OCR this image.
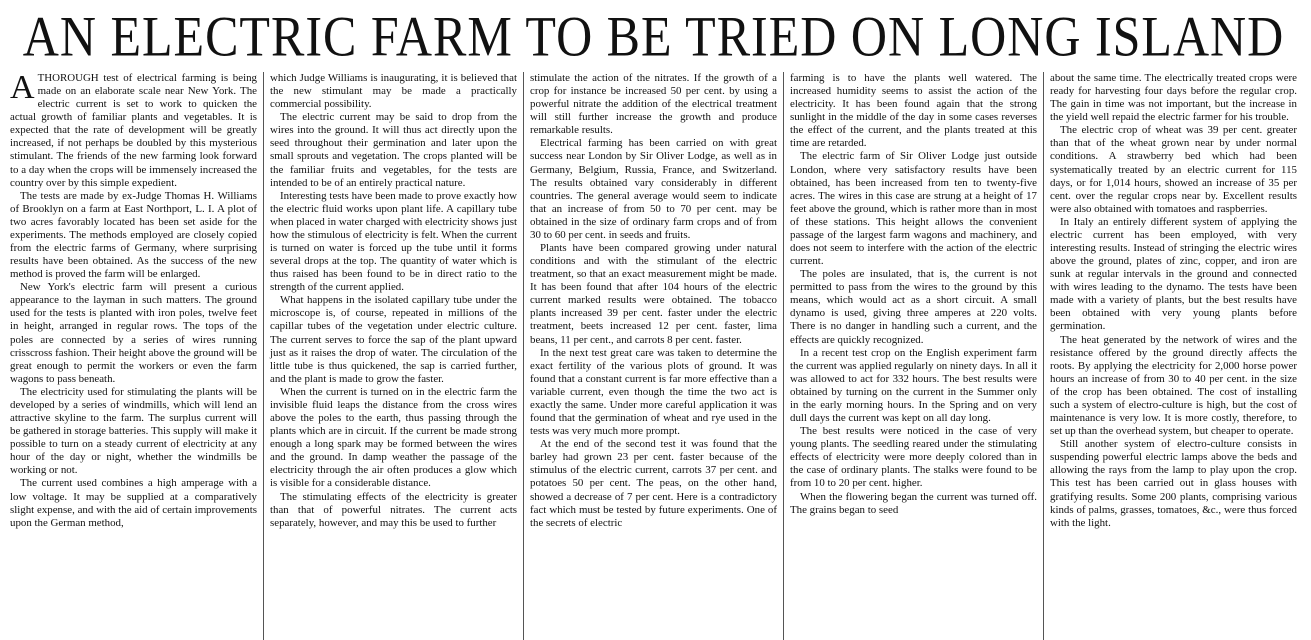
AN ELECTRIC FARM TO BE TRIED ON LONG ISLAND

A THOROUGH test of electrical farming is being made on an elaborate scale near New York. The electric current is set to work to quicken the actual growth of familiar plants and vegetables. It is expected that the rate of development will be greatly increased, if not perhaps be doubled by this mysterious stimulant. The friends of the new farming look forward to a day when the crops will be immensely increased the country over by this simple expedient.

The tests are made by ex-Judge Thomas H. Williams of Brooklyn on a farm at East Northport, L. I. A plot of two acres favorably located has been set aside for the experiments. The methods employed are closely copied from the electric farms of Germany, where surprising results have been obtained. As the success of the new method is proved the farm will be enlarged.

New York's electric farm will present a curious appearance to the layman in such matters. The ground used for the tests is planted with iron poles, twelve feet in height, arranged in regular rows. The tops of the poles are connected by a series of wires running crisscross fashion. Their height above the ground will be great enough to permit the workers or even the farm wagons to pass beneath.

The electricity used for stimulating the plants will be developed by a series of windmills, which will lend an attractive skyline to the farm. The surplus current will be gathered in storage batteries. This supply will make it possible to turn on a steady current of electricity at any hour of the day or night, whether the windmills be working or not.

The current used combines a high amperage with a low voltage. It may be supplied at a comparatively slight expense, and with the aid of certain improvements upon the German method,

which Judge Williams is inaugurating, it is believed that the new stimulant may be made a practically commercial possibility.

The electric current may be said to drop from the wires into the ground. It will thus act directly upon the seed throughout their germination and later upon the small sprouts and vegetation. The crops planted will be the familiar fruits and vegetables, for the tests are intended to be of an entirely practical nature.

Interesting tests have been made to prove exactly how the electric fluid works upon plant life. A capillary tube when placed in water charged with electricity shows just how the stimulous of electricity is felt. When the current is turned on water is forced up the tube until it forms several drops at the top. The quantity of water which is thus raised has been found to be in direct ratio to the strength of the current applied.

What happens in the isolated capillary tube under the microscope is, of course, repeated in millions of the capillar tubes of the vegetation under electric culture. The current serves to force the sap of the plant upward just as it raises the drop of water. The circulation of the little tube is thus quickened, the sap is carried further, and the plant is made to grow the faster.

When the current is turned on in the electric farm the invisible fluid leaps the distance from the cross wires above the poles to the earth, thus passing through the plants which are in circuit. If the current be made strong enough a long spark may be formed between the wires and the ground. In damp weather the passage of the electricity through the air often produces a glow which is visible for a considerable distance.

The stimulating effects of the electricity is greater than that of powerful nitrates. The current acts separately, however, and may this be used to further

stimulate the action of the nitrates. If the growth of a crop for instance be increased 50 per cent. by using a powerful nitrate the addition of the electrical treatment will still further increase the growth and produce remarkable results.

Electrical farming has been carried on with great success near London by Sir Oliver Lodge, as well as in Germany, Belgium, Russia, France, and Switzerland. The results obtained vary considerably in different countries. The general average would seem to indicate that an increase of from 50 to 70 per cent. may be obtained in the size of ordinary farm crops and of from 30 to 60 per cent. in seeds and fruits.

Plants have been compared growing under natural conditions and with the stimulant of the electric treatment, so that an exact measurement might be made. It has been found that after 104 hours of the electric current marked results were obtained. The tobacco plants increased 39 per cent. faster under the electric treatment, beets increased 12 per cent. faster, lima beans, 11 per cent., and carrots 8 per cent. faster.

In the next test great care was taken to determine the exact fertility of the various plots of ground. It was found that a constant current is far more effective than a variable current, even though the time the two act is exactly the same. Under more careful application it was found that the germination of wheat and rye used in the tests was very much more prompt.

At the end of the second test it was found that the barley had grown 23 per cent. faster because of the stimulus of the electric current, carrots 37 per cent. and potatoes 50 per cent. The peas, on the other hand, showed a decrease of 7 per cent. Here is a contradictory fact which must be tested by future experiments. One of the secrets of electric

farming is to have the plants well watered. The increased humidity seems to assist the action of the electricity. It has been found again that the strong sunlight in the middle of the day in some cases reverses the effect of the current, and the plants treated at this time are retarded.

The electric farm of Sir Oliver Lodge just outside London, where very satisfactory results have been obtained, has been increased from ten to twenty-five acres. The wires in this case are strung at a height of 17 feet above the ground, which is rather more than in most of these stations. This height allows the convenient passage of the largest farm wagons and machinery, and does not seem to interfere with the action of the electric current.

The poles are insulated, that is, the current is not permitted to pass from the wires to the ground by this means, which would act as a short circuit. A small dynamo is used, giving three amperes at 220 volts. There is no danger in handling such a current, and the effects are quickly recognized.

In a recent test crop on the English experiment farm the current was applied regularly on ninety days. In all it was allowed to act for 332 hours. The best results were obtained by turning on the current in the Summer only in the early morning hours. In the Spring and on very dull days the current was kept on all day long.

The best results were noticed in the case of very young plants. The seedling reared under the stimulating effects of electricity were more deeply colored than in the case of ordinary plants. The stalks were found to be from 10 to 20 per cent. higher.

When the flowering began the current was turned off. The grains began to seed

about the same time. The electrically treated crops were ready for harvesting four days before the regular crop. The gain in time was not important, but the increase in the yield well repaid the electric farmer for his trouble.

The electric crop of wheat was 39 per cent. greater than that of the wheat grown near by under normal conditions. A strawberry bed which had been systematically treated by an electric current for 115 days, or for 1,014 hours, showed an increase of 35 per cent. over the regular crops near by. Excellent results were also obtained with tomatoes and raspberries.

In Italy an entirely different system of applying the electric current has been employed, with very interesting results. Instead of stringing the electric wires above the ground, plates of zinc, copper, and iron are sunk at regular intervals in the ground and connected with wires leading to the dynamo. The tests have been made with a variety of plants, but the best results have been obtained with very young plants before germination.

The heat generated by the network of wires and the resistance offered by the ground directly affects the roots. By applying the electricity for 2,000 horse power hours an increase of from 30 to 40 per cent. in the size of the crop has been obtained. The cost of installing such a system of electro-culture is high, but the cost of maintenance is very low. It is more costly, therefore, to set up than the overhead system, but cheaper to operate.

Still another system of electro-culture consists in suspending powerful electric lamps above the beds and allowing the rays from the lamp to play upon the crop. This test has been carried out in glass houses with gratifying results. Some 200 plants, comprising various kinds of palms, grasses, tomatoes, &c., were thus forced with the light.
